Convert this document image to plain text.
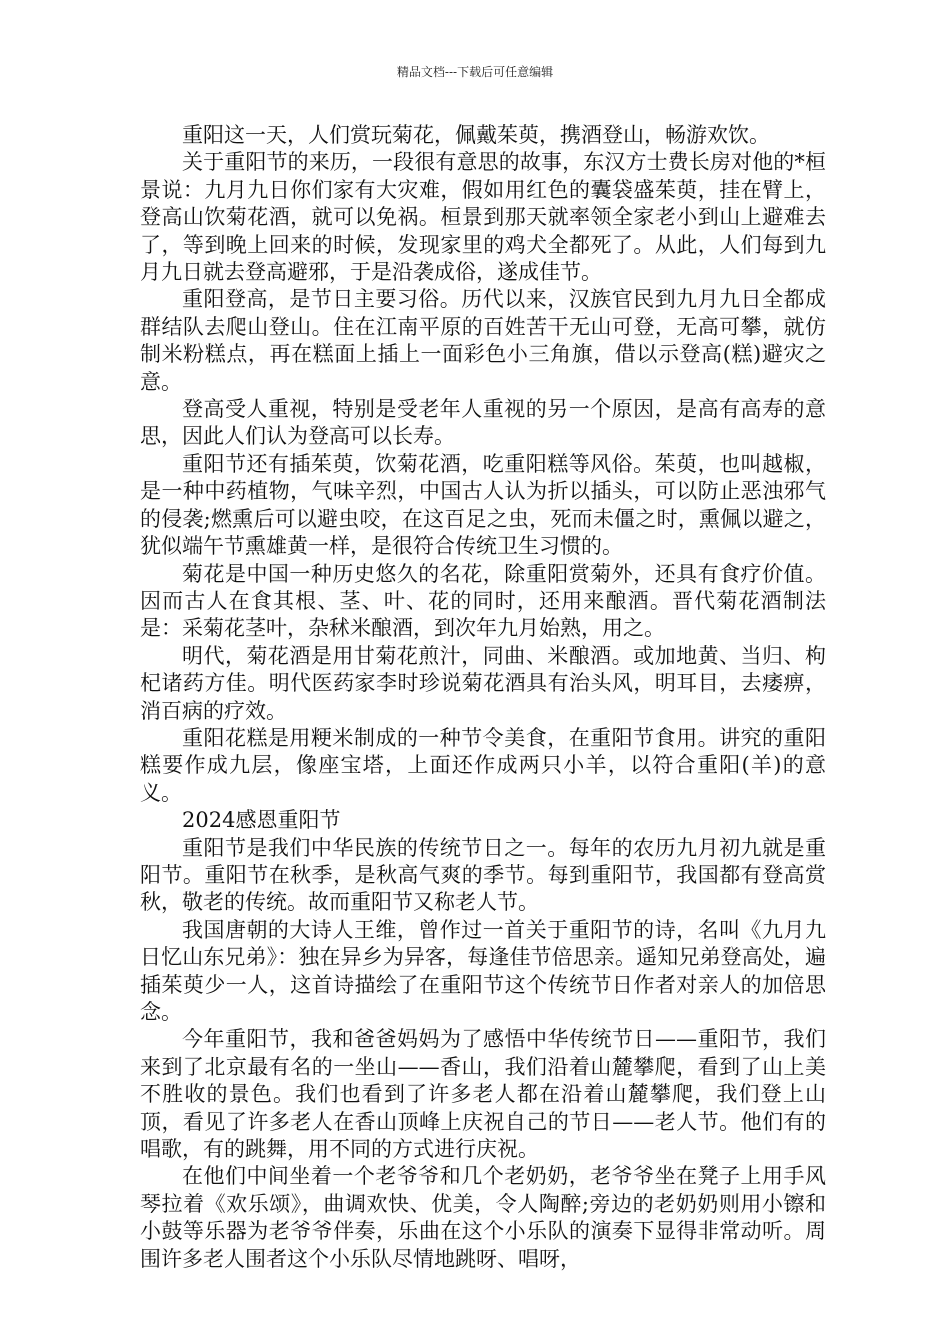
精品文档---下载后可任意编辑

重阳这一天，人们赏玩菊花，佩戴茱萸，携酒登山，畅游欢饮。

关于重阳节的来历，一段很有意思的故事，东汉方士费长房对他的*桓景说：九月九日你们家有大灾难，假如用红色的囊袋盛茱萸，挂在臂上，登高山饮菊花酒，就可以免祸。桓景到那天就率领全家老小到山上避难去了，等到晚上回来的时候，发现家里的鸡犬全都死了。从此，人们每到九月九日就去登高避邪，于是沿袭成俗，遂成佳节。

重阳登高，是节日主要习俗。历代以来，汉族官民到九月九日全都成群结队去爬山登山。住在江南平原的百姓苦干无山可登，无高可攀，就仿制米粉糕点，再在糕面上插上一面彩色小三角旗，借以示登高(糕)避灾之意。

登高受人重视，特别是受老年人重视的另一个原因，是高有高寿的意思，因此人们认为登高可以长寿。

重阳节还有插茱萸，饮菊花酒，吃重阳糕等风俗。茱萸，也叫越椒，是一种中药植物，气味辛烈，中国古人认为折以插头，可以防止恶浊邪气的侵袭;燃熏后可以避虫咬，在这百足之虫，死而未僵之时，熏佩以避之，犹似端午节熏雄黄一样，是很符合传统卫生习惯的。

菊花是中国一种历史悠久的名花，除重阳赏菊外，还具有食疗价值。因而古人在食其根、茎、叶、花的同时，还用来酿酒。晋代菊花酒制法是：采菊花茎叶，杂秫米酿酒，到次年九月始熟，用之。

明代，菊花酒是用甘菊花煎汁，同曲、米酿酒。或加地黄、当归、枸杞诸药方佳。明代医药家李时珍说菊花酒具有治头风，明耳目，去痿痹，消百病的疗效。

重阳花糕是用粳米制成的一种节令美食，在重阳节食用。讲究的重阳糕要作成九层，像座宝塔，上面还作成两只小羊，以符合重阳(羊)的意义。

2024感恩重阳节

重阳节是我们中华民族的传统节日之一。每年的农历九月初九就是重阳节。重阳节在秋季，是秋高气爽的季节。每到重阳节，我国都有登高赏秋，敬老的传统。故而重阳节又称老人节。

我国唐朝的大诗人王维，曾作过一首关于重阳节的诗，名叫《九月九日忆山东兄弟》：独在异乡为异客，每逢佳节倍思亲。遥知兄弟登高处，遍插茱萸少一人，这首诗描绘了在重阳节这个传统节日作者对亲人的加倍思念。

今年重阳节，我和爸爸妈妈为了感悟中华传统节日——重阳节，我们来到了北京最有名的一坐山——香山，我们沿着山麓攀爬，看到了山上美不胜收的景色。我们也看到了许多老人都在沿着山麓攀爬，我们登上山顶，看见了许多老人在香山顶峰上庆祝自己的节日——老人节。他们有的唱歌，有的跳舞，用不同的方式进行庆祝。

在他们中间坐着一个老爷爷和几个老奶奶，老爷爷坐在凳子上用手风琴拉着《欢乐颂》，曲调欢快、优美，令人陶醉;旁边的老奶奶则用小镲和小鼓等乐器为老爷爷伴奏，乐曲在这个小乐队的演奏下显得非常动听。周围许多老人围者这个小乐队尽情地跳呀、唱呀，
